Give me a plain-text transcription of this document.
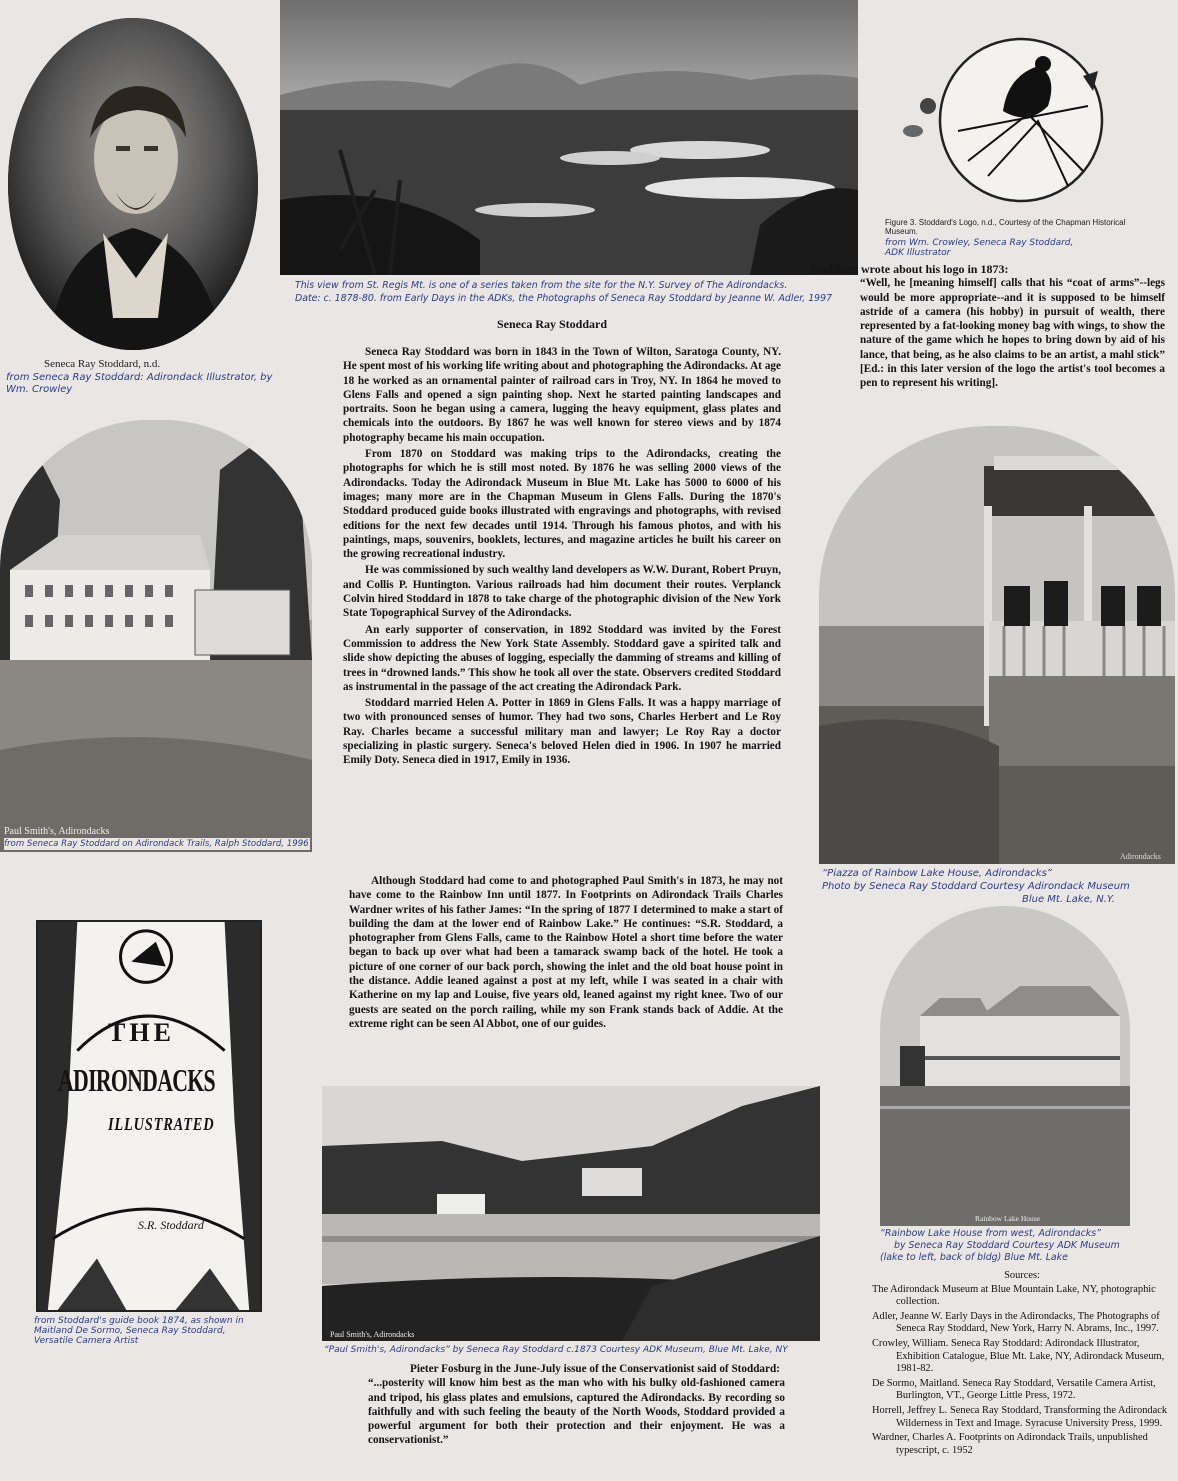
Seneca Ray Stoddard, n.d.
from Seneca Ray Stoddard: Adirondack Illustrator, by Wm. Crowley
This view from St. Regis Mt. is one of a series taken from the site for the N.Y. Survey of The Adirondacks.
Date: c. 1878-80. from Early Days in the ADKs, the Photographs of Seneca Ray Stoddard by Jeanne W. Adler, 1997
Figure 3. Stoddard's Logo, n.d., Courtesy of the Chapman Historical Museum.
from Wm. Crowley, Seneca Ray Stoddard, ADK Illustrator
Stoddard wrote about his logo in 1873:
“Well, he [meaning himself] calls that his “coat of arms”--legs would be more appropriate--and it is supposed to be himself astride of a camera (his hobby) in pursuit of wealth, there represented by a fat-looking money bag with wings, to show the nature of the game which he hopes to bring down by aid of his lance, that being, as he also claims to be an artist, a mahl stick” [Ed.: in this later version of the logo the artist's tool becomes a pen to represent his writing].
Seneca Ray Stoddard

Seneca Ray Stoddard was born in 1843 in the Town of Wilton, Saratoga County, NY. He spent most of his working life writing about and photographing the Adirondacks. At age 18 he worked as an ornamental painter of railroad cars in Troy, NY. In 1864 he moved to Glens Falls and opened a sign painting shop. Next he started painting landscapes and portraits. Soon he began using a camera, lugging the heavy equipment, glass plates and chemicals into the outdoors. By 1867 he was well known for stereo views and by 1874 photography became his main occupation.

From 1870 on Stoddard was making trips to the Adirondacks, creating the photographs for which he is still most noted. By 1876 he was selling 2000 views of the Adirondacks. Today the Adirondack Museum in Blue Mt. Lake has 5000 to 6000 of his images; many more are in the Chapman Museum in Glens Falls. During the 1870's Stoddard produced guide books illustrated with engravings and photographs, with revised editions for the next few decades until 1914. Through his famous photos, and with his paintings, maps, souvenirs, booklets, lectures, and magazine articles he built his career on the growing recreational industry.

He was commissioned by such wealthy land developers as W.W. Durant, Robert Pruyn, and Collis P. Huntington. Various railroads had him document their routes. Verplanck Colvin hired Stoddard in 1878 to take charge of the photographic division of the New York State Topographical Survey of the Adirondacks.

An early supporter of conservation, in 1892 Stoddard was invited by the Forest Commission to address the New York State Assembly. Stoddard gave a spirited talk and slide show depicting the abuses of logging, especially the damming of streams and killing of trees in “drowned lands.” This show he took all over the state. Observers credited Stoddard as instrumental in the passage of the act creating the Adirondack Park.

Stoddard married Helen A. Potter in 1869 in Glens Falls. It was a happy marriage of two with pronounced senses of humor. They had two sons, Charles Herbert and Le Roy Ray. Charles became a successful military man and lawyer; Le Roy Ray a doctor specializing in plastic surgery. Seneca's beloved Helen died in 1906. In 1907 he married Emily Doty. Seneca died in 1917, Emily in 1936.

Although Stoddard had come to and photographed Paul Smith's in 1873, he may not have come to the Rainbow Inn until 1877. In Footprints on Adirondack Trails Charles Wardner writes of his father James: “In the spring of 1877 I determined to make a start of building the dam at the lower end of Rainbow Lake.” He continues: “S.R. Stoddard, a photographer from Glens Falls, came to the Rainbow Hotel a short time before the water began to back up over what had been a tamarack swamp back of the hotel. He took a picture of one corner of our back porch, showing the inlet and the old boat house point in the distance. Addie leaned against a post at my left, while I was seated in a chair with Katherine on my lap and Louise, five years old, leaned against my right knee. Two of our guests are seated on the porch railing, while my son Frank stands back of Addie. At the extreme right can be seen Al Abbot, one of our guides.

Paul Smith's, Adirondacks
from Seneca Ray Stoddard on Adirondack Trails, Ralph Stoddard, 1996
Adirondacks
“Piazza of Rainbow Lake House, Adirondacks”
Photo by Seneca Ray Stoddard Courtesy Adirondack Museum
Blue Mt. Lake, N.Y.
THE
ADIRONDACKS
ILLUSTRATED
S.R. Stoddard
from Stoddard's guide book 1874, as shown in Maitland De Sormo, Seneca Ray Stoddard, Versatile Camera Artist
Paul Smith's, Adirondacks
“Paul Smith's, Adirondacks” by Seneca Ray Stoddard c.1873 Courtesy ADK Museum, Blue Mt. Lake, NY
Rainbow Lake House
“Rainbow Lake House from west, Adirondacks”
by Seneca Ray Stoddard Courtesy ADK Museum
(lake to left, back of bldg) Blue Mt. Lake
Pieter Fosburg in the June-July issue of the Conservationist said of Stoddard:
“...posterity will know him best as the man who with his bulky old-fashioned camera and tripod, his glass plates and emulsions, captured the Adirondacks. By recording so faithfully and with such feeling the beauty of the North Woods, Stoddard provided a powerful argument for both their protection and their enjoyment. He was a conservationist.”
Sources:

The Adirondack Museum at Blue Mountain Lake, NY, photographic collection.

Adler, Jeanne W. Early Days in the Adirondacks, The Photographs of Seneca Ray Stoddard, New York, Harry N. Abrams, Inc., 1997.

Crowley, William. Seneca Ray Stoddard: Adirondack Illustrator, Exhibition Catalogue, Blue Mt. Lake, NY, Adirondack Museum, 1981-82.

De Sormo, Maitland. Seneca Ray Stoddard, Versatile Camera Artist, Burlington, VT., George Little Press, 1972.

Horrell, Jeffrey L. Seneca Ray Stoddard, Transforming the Adirondack Wilderness in Text and Image. Syracuse University Press, 1999.

Wardner, Charles A. Footprints on Adirondack Trails, unpublished typescript, c. 1952
